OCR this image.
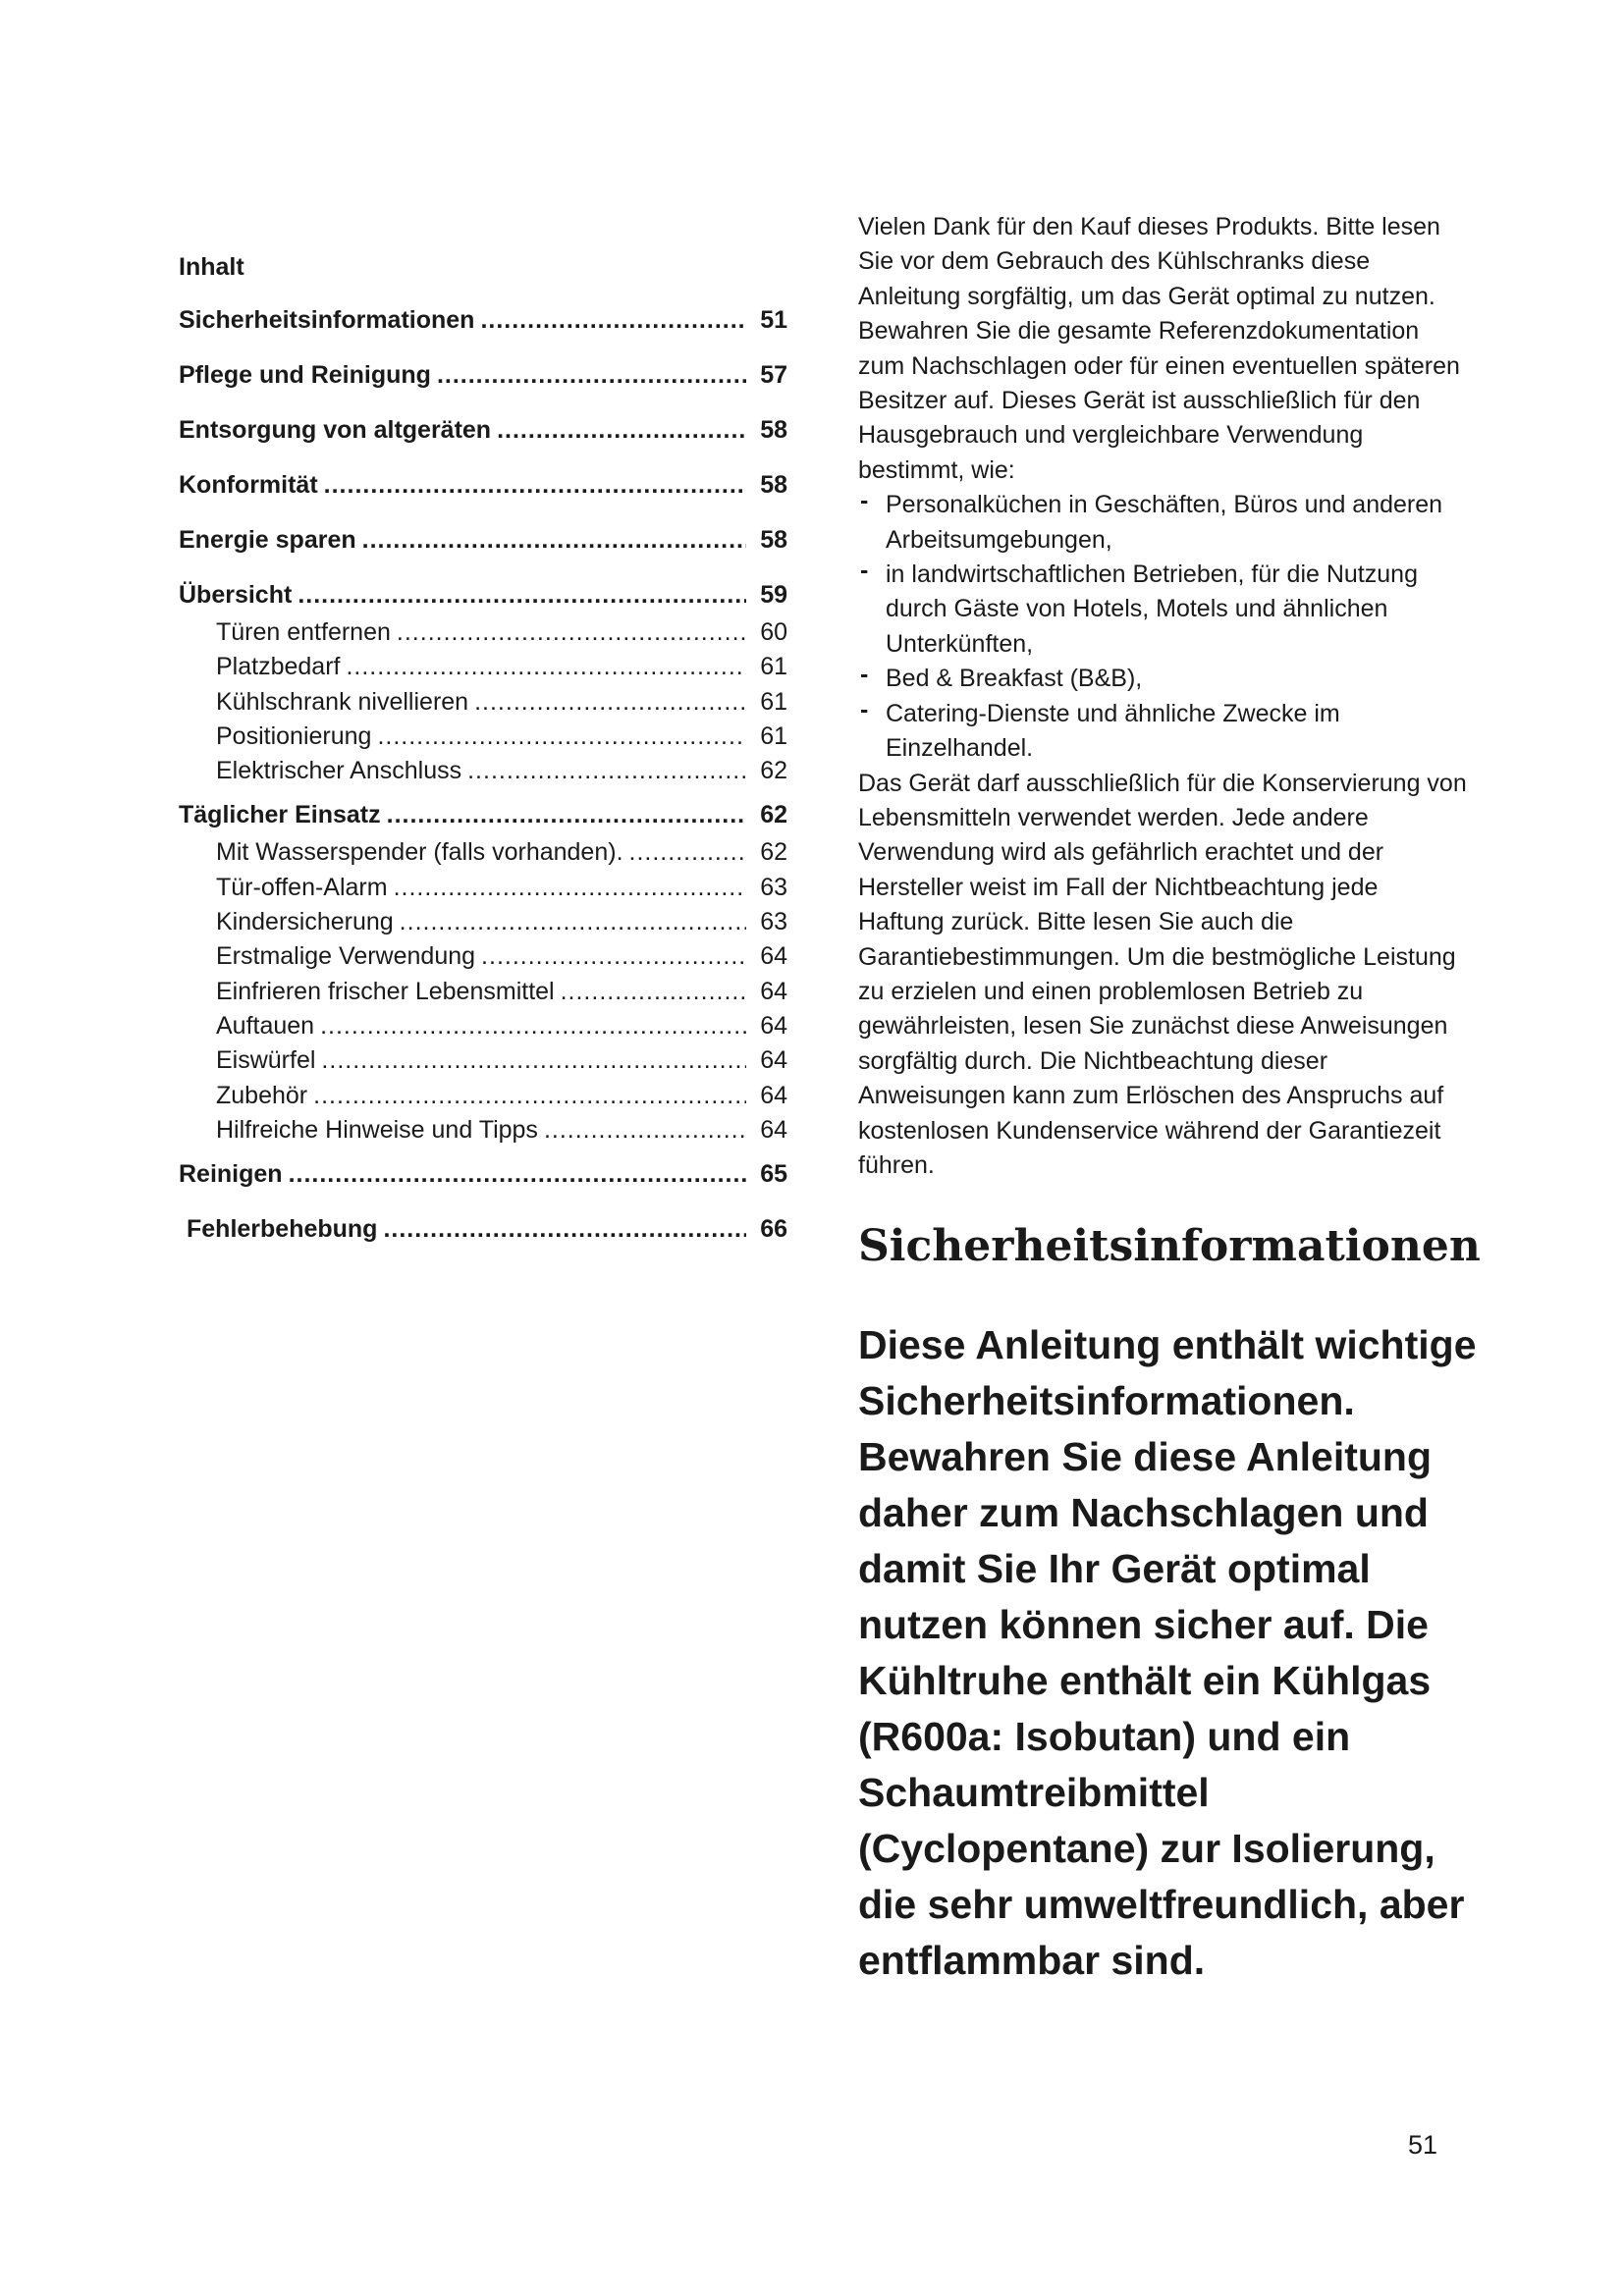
Inhalt
Sicherheitsinformationen .....	51
Pflege und Reinigung .....	57
Entsorgung von altgeräten .....	58
Konformität .....	58
Energie sparen .....	58
Übersicht .....	59
Türen entfernen .....	60
Platzbedarf .....	61
Kühlschrank nivellieren .....	61
Positionierung .....	61
Elektrischer Anschluss .....	62
Täglicher Einsatz .....	62
Mit Wasserspender (falls vorhanden). .....	62
Tür-offen-Alarm .....	63
Kindersicherung .....	63
Erstmalige Verwendung .....	64
Einfrieren frischer Lebensmittel .....	64
Auftauen .....	64
Eiswürfel .....	64
Zubehör .....	64
Hilfreiche Hinweise und Tipps .....	64
Reinigen .....	65
Fehlerbehebung .....	66

Vielen Dank für den Kauf dieses Produkts. Bitte lesen Sie vor dem Gebrauch des Kühlschranks diese Anleitung sorgfältig, um das Gerät optimal zu nutzen. Bewahren Sie die gesamte Referenzdokumentation zum Nachschlagen oder für einen eventuellen späteren Besitzer auf. Dieses Gerät ist ausschließlich für den Hausgebrauch und vergleichbare Verwendung bestimmt, wie:

- Personalküchen in Geschäften, Büros und anderen Arbeitsumgebungen,
- in landwirtschaftlichen Betrieben, für die Nutzung durch Gäste von Hotels, Motels und ähnlichen Unterkünften,
- Bed & Breakfast (B&B),
- Catering-Dienste und ähnliche Zwecke im Einzelhandel.

Das Gerät darf ausschließlich für die Konservierung von Lebensmitteln verwendet werden. Jede andere Verwendung wird als gefährlich erachtet und der Hersteller weist im Fall der Nichtbeachtung jede Haftung zurück. Bitte lesen Sie auch die Garantiebestimmungen. Um die bestmögliche Leistung zu erzielen und einen problemlosen Betrieb zu gewährleisten, lesen Sie zunächst diese Anweisungen sorgfältig durch. Die Nichtbeachtung dieser Anweisungen kann zum Erlöschen des Anspruchs auf kostenlosen Kundenservice während der Garantiezeit führen.

Sicherheitsinformationen

Diese Anleitung enthält wichtige Sicherheitsinformationen. Bewahren Sie diese Anleitung daher zum Nachschlagen und damit Sie Ihr Gerät optimal nutzen können sicher auf. Die Kühltruhe enthält ein Kühlgas (R600a: Isobutan) und ein Schaumtreibmittel (Cyclopentane) zur Isolierung, die sehr umweltfreundlich, aber entflammbar sind.

51
